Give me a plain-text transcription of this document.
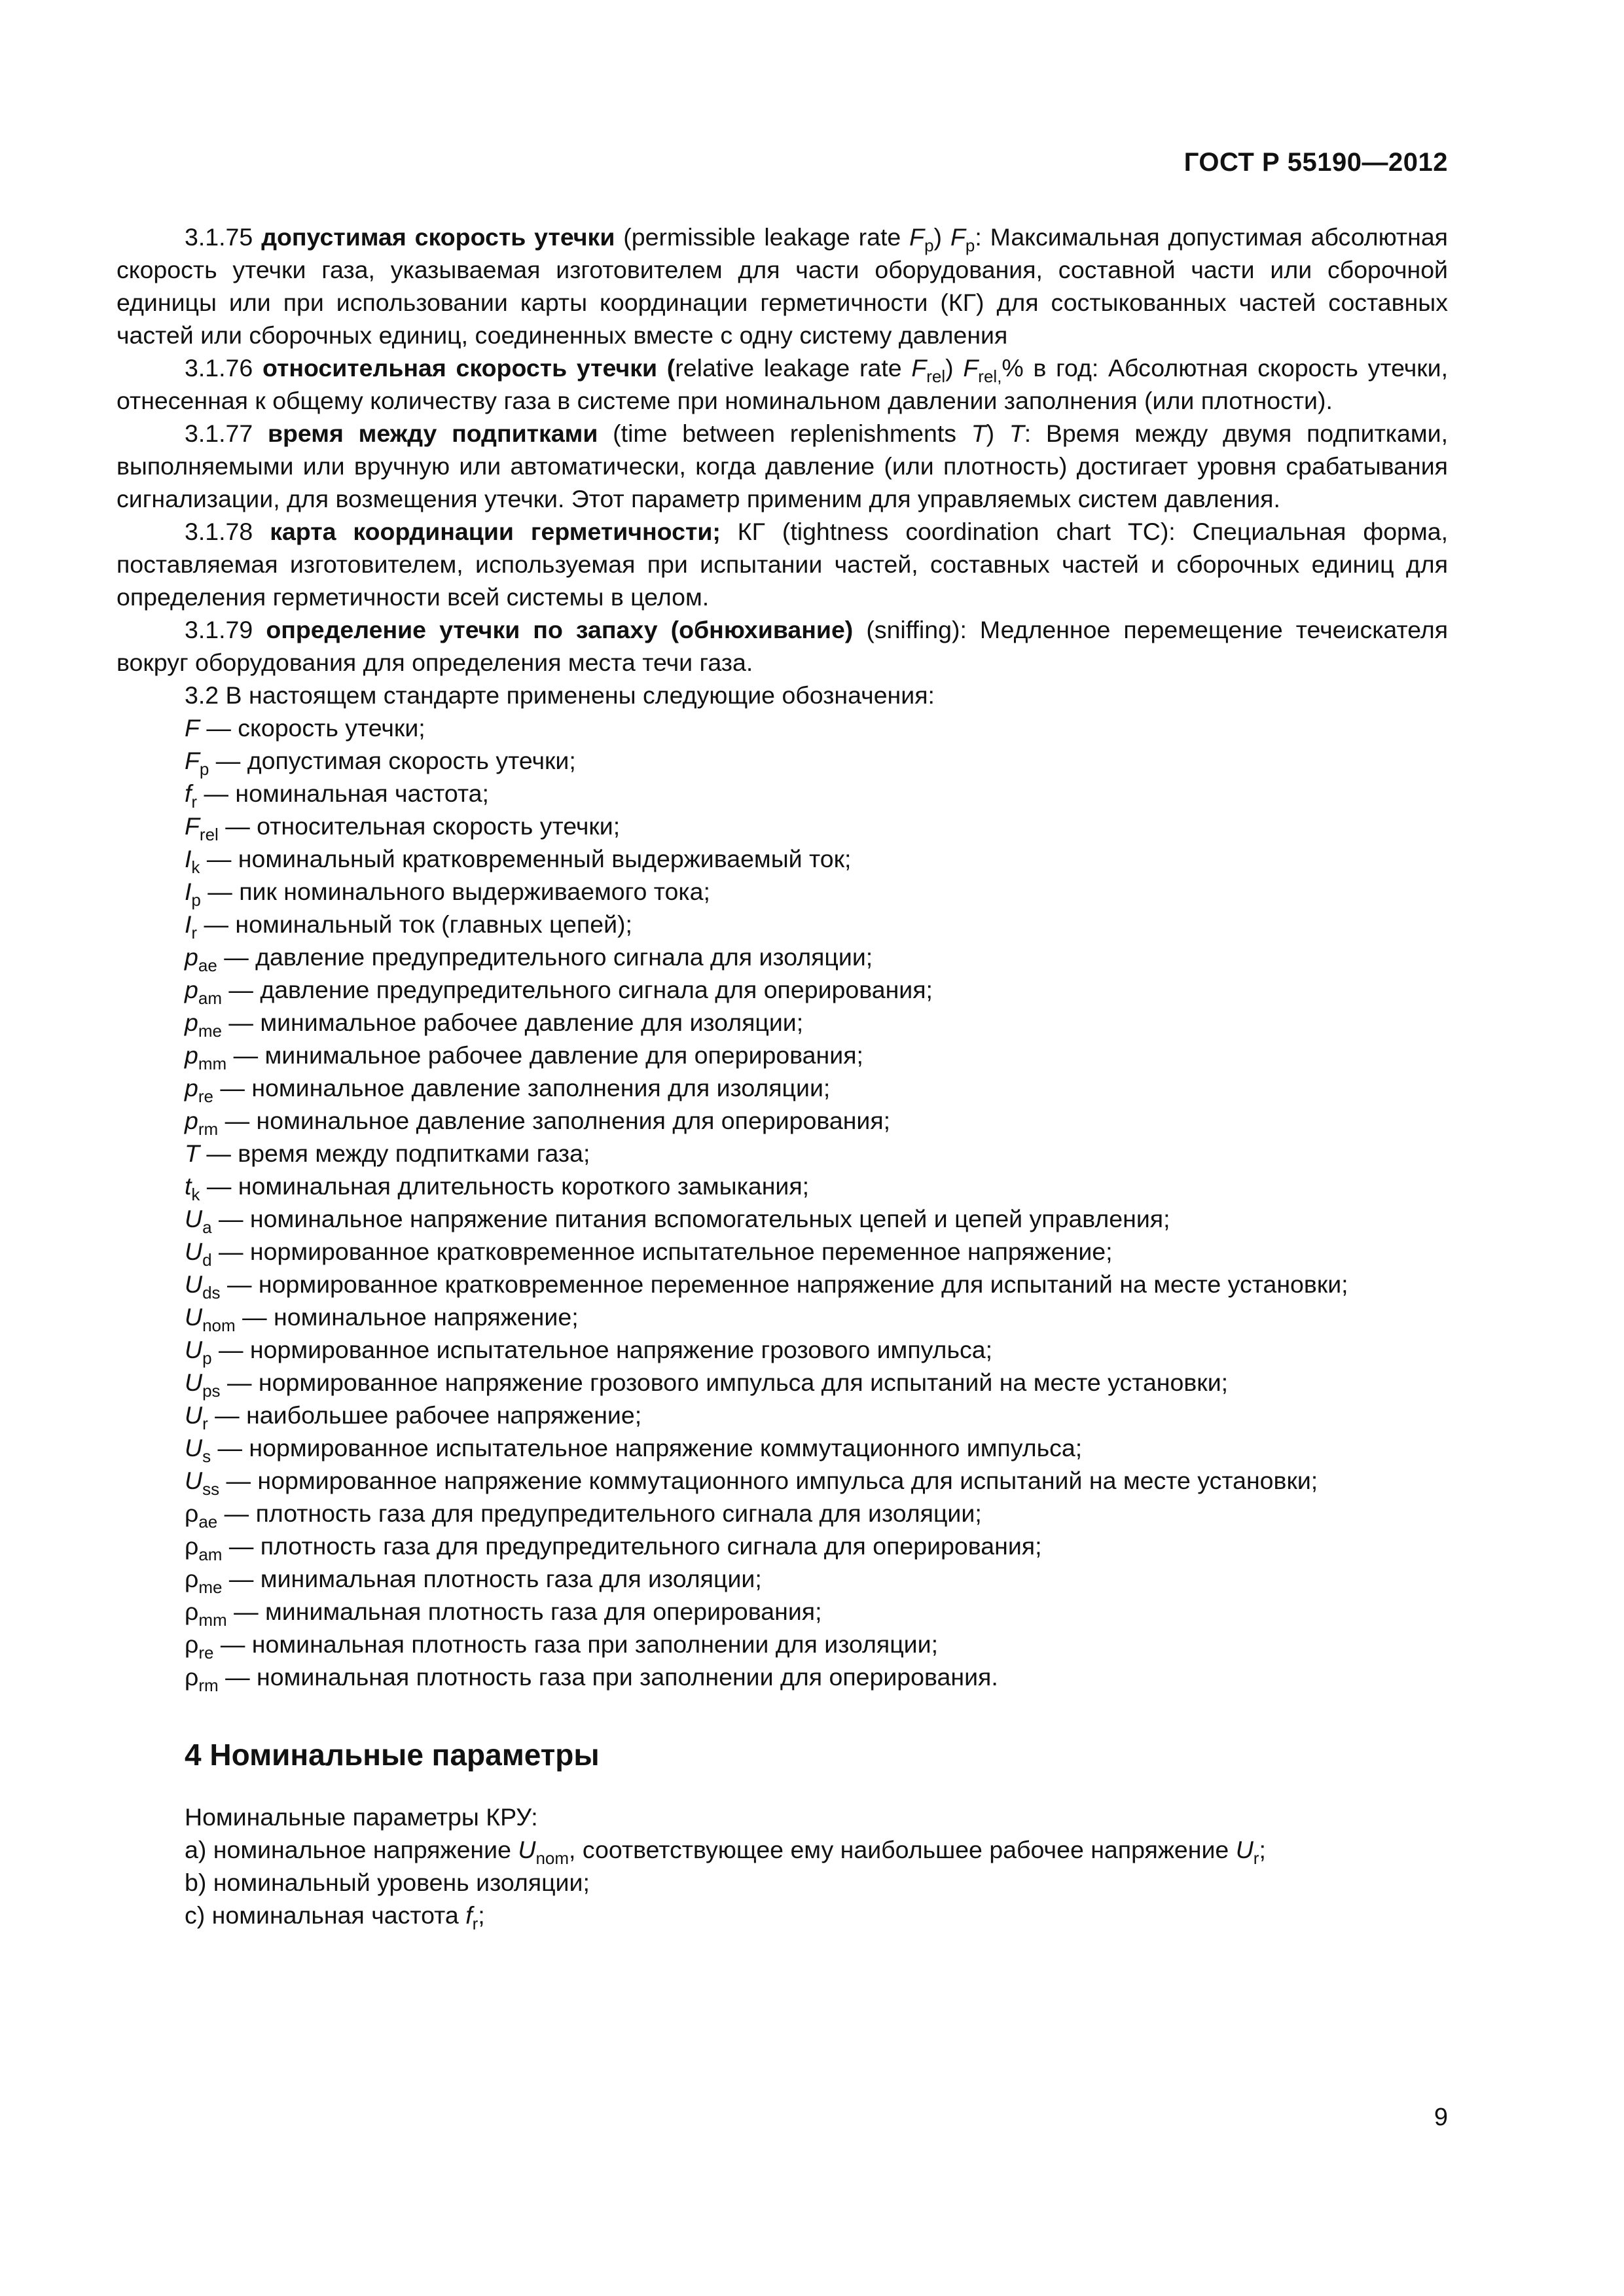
ГОСТ Р 55190—2012

3.1.75 допустимая скорость утечки (permissible leakage rate $F_p$) $F_p$: Максимальная допустимая абсолютная скорость утечки газа, указываемая изготовителем для части оборудования, составной части или сборочной единицы или при использовании карты координации герметичности (КГ) для состыкованных частей составных частей или сборочных единиц, соединенных вместе с одну систему давления

3.1.76 относительная скорость утечки (relative leakage rate $F_{rel}$) $F_{rel,}\%$ в год: Абсолютная скорость утечки, отнесенная к общему количеству газа в системе при номинальном давлении заполнения (или плотности).

3.1.77 время между подпитками (time between replenishments T) T: Время между двумя подпитками, выполняемыми или вручную или автоматически, когда давление (или плотность) достигает уровня срабатывания сигнализации, для возмещения утечки. Этот параметр применим для управляемых систем давления.

3.1.78 карта координации герметичности; КГ (tightness coordination chart ТС): Специальная форма, поставляемая изготовителем, используемая при испытании частей, составных частей и сборочных единиц для определения герметичности всей системы в целом.

3.1.79 определение утечки по запаху (обнюхивание) (sniffing): Медленное перемещение течеискателя вокруг оборудования для определения места течи газа.

3.2 В настоящем стандарте применены следующие обозначения:

F — скорость утечки;

$F_p$ — допустимая скорость утечки;

$f_r$ — номинальная частота;

$F_{rel}$ — относительная скорость утечки;

$I_k$ — номинальный кратковременный выдерживаемый ток;

$I_p$ — пик номинального выдерживаемого тока;

$I_r$ — номинальный ток (главных цепей);

$p_{ae}$ — давление предупредительного сигнала для изоляции;

$p_{am}$ — давление предупредительного сигнала для оперирования;

$p_{me}$ — минимальное рабочее давление для изоляции;

$p_{mm}$ — минимальное рабочее давление для оперирования;

$p_{re}$ — номинальное давление заполнения для изоляции;

$p_{rm}$ — номинальное давление заполнения для оперирования;

T — время между подпитками газа;

$t_k$ — номинальная длительность короткого замыкания;

$U_a$ — номинальное напряжение питания вспомогательных цепей и цепей управления;

$U_d$ — нормированное кратковременное испытательное переменное напряжение;

$U_{ds}$ — нормированное кратковременное переменное напряжение для испытаний на месте установки;

$U_{nom}$ — номинальное напряжение;

$U_p$ — нормированное испытательное напряжение грозового импульса;

$U_{ps}$ — нормированное напряжение грозового импульса для испытаний на месте установки;

$U_r$ — наибольшее рабочее напряжение;

$U_s$ — нормированное испытательное напряжение коммутационного импульса;

$U_{ss}$ — нормированное напряжение коммутационного импульса для испытаний на месте установки;

$\rho_{ae}$ — плотность газа для предупредительного сигнала для изоляции;

$\rho_{am}$ — плотность газа для предупредительного сигнала для оперирования;

$\rho_{me}$ — минимальная плотность газа для изоляции;

$\rho_{mm}$ — минимальная плотность газа для оперирования;

$\rho_{re}$ — номинальная плотность газа при заполнении для изоляции;

$\rho_{rm}$ — номинальная плотность газа при заполнении для оперирования.

4 Номинальные параметры

Номинальные параметры КРУ:

a) номинальное напряжение $U_{nom}$, соответствующее ему наибольшее рабочее напряжение $U_r$;

b) номинальный уровень изоляции;

c) номинальная частота $f_r$;

9
